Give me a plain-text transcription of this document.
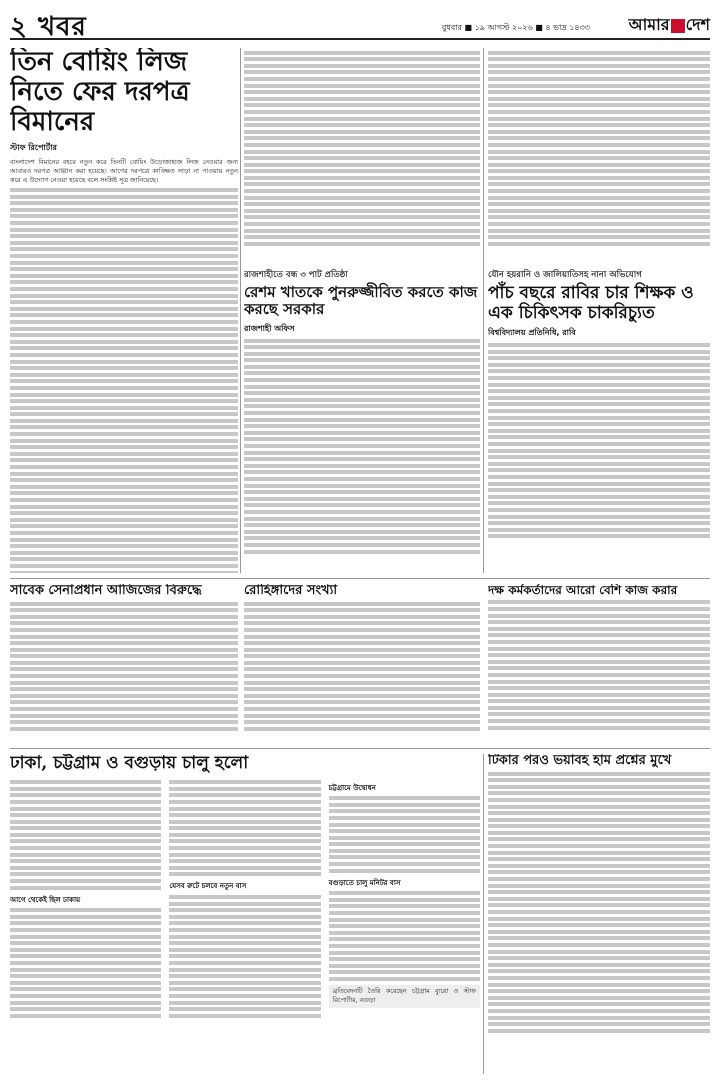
২ খবর	বুধবার ■ ১৯ আগস্ট ২০২৬ ■ ৪ ভাদ্র ১৪৩৩ আমার দেশ
তিন বোয়িং লিজ নিতে ফের দরপত্র বিমানের
স্টাফ রিপোর্টার
বাংলাদেশ বিমানের বহরে নতুন করে তিনটি বোয়িং উড়োজাহাজ লিজ নেওয়ার জন্য আবারও দরপত্র আহ্বান করা হয়েছে। আগের দরপত্রে কাঙ্ক্ষিত সাড়া না পাওয়ায় নতুন করে এ উদ্যোগ নেওয়া হয়েছে বলে সংশ্লিষ্ট সূত্র জানিয়েছে।
রাজশাহীতে বন্ধ ৩ পাট প্রতিষ্ঠা
রেশম খাতকে পুনরুজ্জীবিত করতে কাজ করছে সরকার
রাজশাহী অফিস
যৌন হয়রানি ও জালিয়াতিসহ নানা অভিযোগ
পাঁচ বছরে রাবির চার শিক্ষক ও এক চিকিৎসক চাকরিচ্যুত
বিশ্ববিদ্যালয় প্রতিনিধি, রাবি
সাবেক সেনাপ্রধান আজিজের বিরুদ্ধে	রোহিঙ্গাদের সংখ্যা	দক্ষ কর্মকর্তাদের আরো বেশি কাজ করার
ঢাকা, চট্টগ্রাম ও বগুড়ায় চালু হলো
আগে থেকেই ছিল ঢাকায়
যেসব রুটে চলবে নতুন বাস
চট্টগ্রামে উদ্বোধন
বগুড়াতে চালু মনিটর বাস
ব্রতিবেদনটি তৈরি করেছেন চট্টগ্রাম ব্যুরো ও স্টাফ রিপোর্টার, বগুড়া
টিকার পরও ভয়াবহ হাম প্রশ্নের মুখে
